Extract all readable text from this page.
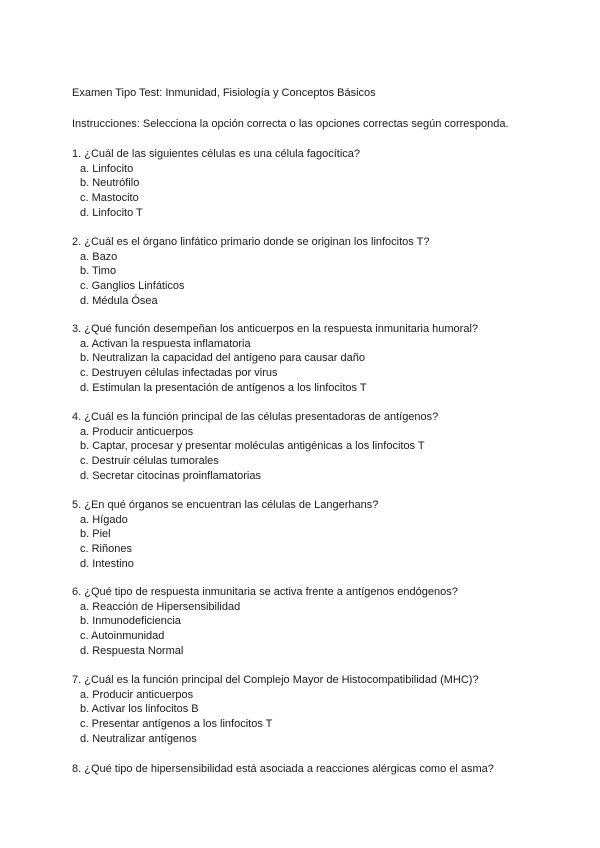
Examen Tipo Test: Inmunidad, Fisiología y Conceptos Básicos
Instrucciones: Selecciona la opción correcta o las opciones correctas según corresponda.
1. ¿Cuál de las siguientes células es una célula fagocítica?
a. Linfocito
b. Neutrófilo
c. Mastocito
d. Linfocito T
2. ¿Cuál es el órgano linfático primario donde se originan los linfocitos T?
a. Bazo
b. Timo
c. Ganglios Linfáticos
d. Médula Ósea
3. ¿Qué función desempeñan los anticuerpos en la respuesta inmunitaria humoral?
a. Activan la respuesta inflamatoria
b. Neutralizan la capacidad del antígeno para causar daño
c. Destruyen células infectadas por virus
d. Estimulan la presentación de antígenos a los linfocitos T
4. ¿Cuál es la función principal de las células presentadoras de antígenos?
a. Producir anticuerpos
b. Captar, procesar y presentar moléculas antigénicas a los linfocitos T
c. Destruir células tumorales
d. Secretar citocinas proinflamatorias
5. ¿En qué órganos se encuentran las células de Langerhans?
a. Hígado
b. Piel
c. Riñones
d. Intestino
6. ¿Qué tipo de respuesta inmunitaria se activa frente a antígenos endógenos?
a. Reacción de Hipersensibilidad
b. Inmunodeficiencia
c. Autoinmunidad
d. Respuesta Normal
7. ¿Cuál es la función principal del Complejo Mayor de Histocompatibilidad (MHC)?
a. Producir anticuerpos
b. Activar los linfocitos B
c. Presentar antígenos a los linfocitos T
d. Neutralizar antígenos
8. ¿Qué tipo de hipersensibilidad está asociada a reacciones alérgicas como el asma?
